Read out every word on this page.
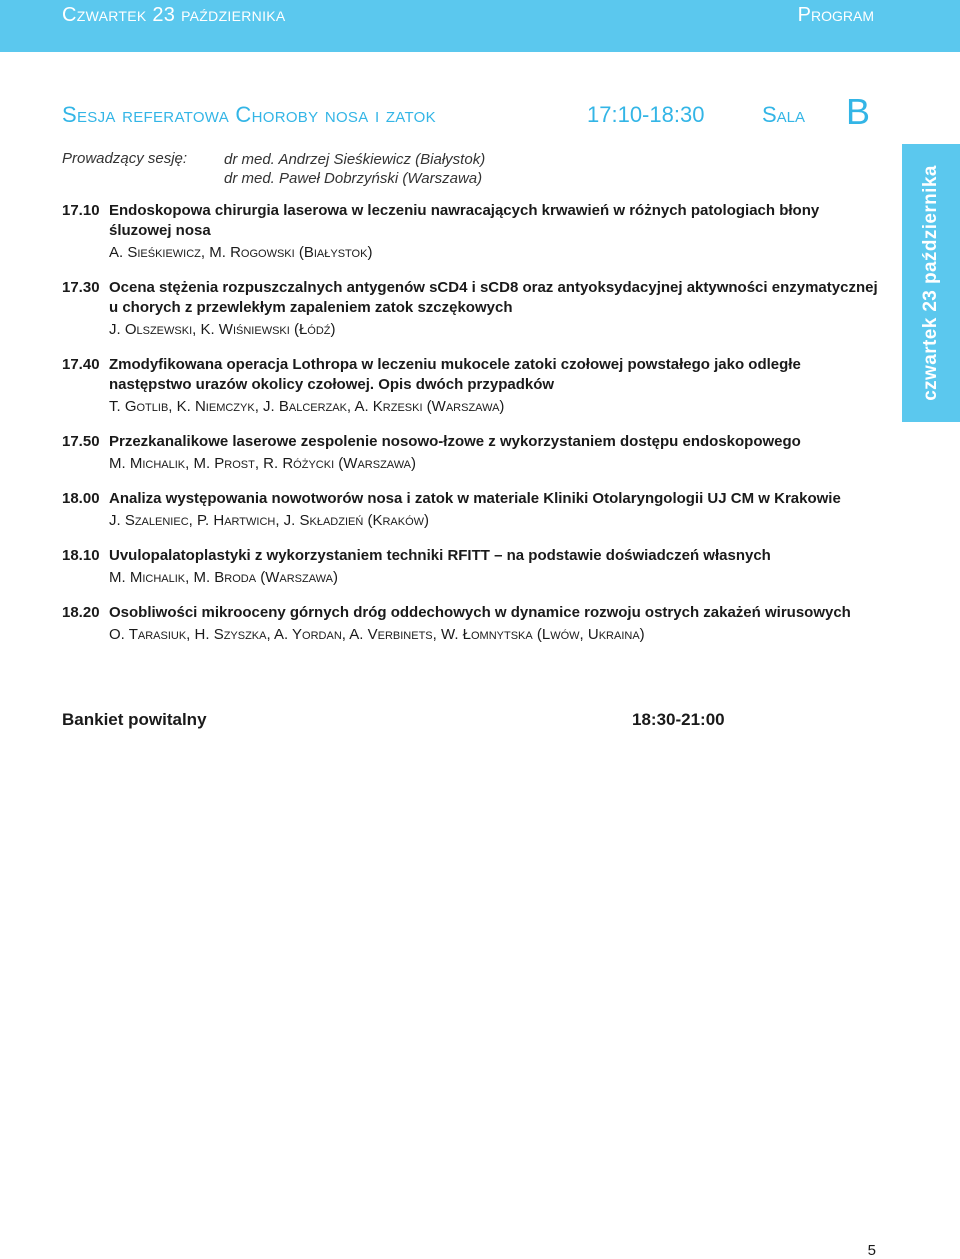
Czwartek 23 października	Program
Sesja referatowa Choroby nosa i zatok	17:10-18:30	Sala B
Prowadzący sesję: dr med. Andrzej Sieśkiewicz (Białystok)
dr med. Paweł Dobrzyński (Warszawa)
17.10 Endoskopowa chirurgia laserowa w leczeniu nawracających krwawień w różnych patologiach błony śluzowej nosa
A. Sieśkiewicz, M. Rogowski (Białystok)
17.30 Ocena stężenia rozpuszczalnych antygenów sCD4 i sCD8 oraz antyoksydacyjnej aktywności enzymatycznej u chorych z przewlekłym zapaleniem zatok szczękowych
J. Olszewski, K. Wiśniewski (Łódź)
17.40 Zmodyfikowana operacja Lothropa w leczeniu mukocele zatoki czołowej powstałego jako odległe następstwo urazów okolicy czołowej. Opis dwóch przypadków
T. Gotlib, K. Niemczyk, J. Balcerzak, A. Krzeski (Warszawa)
17.50 Przezkanalikowe laserowe zespolenie nosowo-łzowe z wykorzystaniem dostępu endoskopowego
M. Michalik, M. Prost, R. Różycki (Warszawa)
18.00 Analiza występowania nowotworów nosa i zatok w materiale Kliniki Otolaryngologii UJ CM w Krakowie
J. Szaleniec, P. Hartwich, J. Składzień (Kraków)
18.10 Uvulopalatoplastyki z wykorzystaniem techniki RFITT – na podstawie doświadczeń własnych
M. Michalik, M. Broda (Warszawa)
18.20 Osobliwości mikrooceny górnych dróg oddechowych w dynamice rozwoju ostrych zakażeń wirusowych
O. Tarasiuk, H. Szyszka, A. Yordan, A. Verbinets, W. Łomnytska (Lwów, Ukraina)
czwartek 23 października
Bankiet powitalny	18:30-21:00
5
